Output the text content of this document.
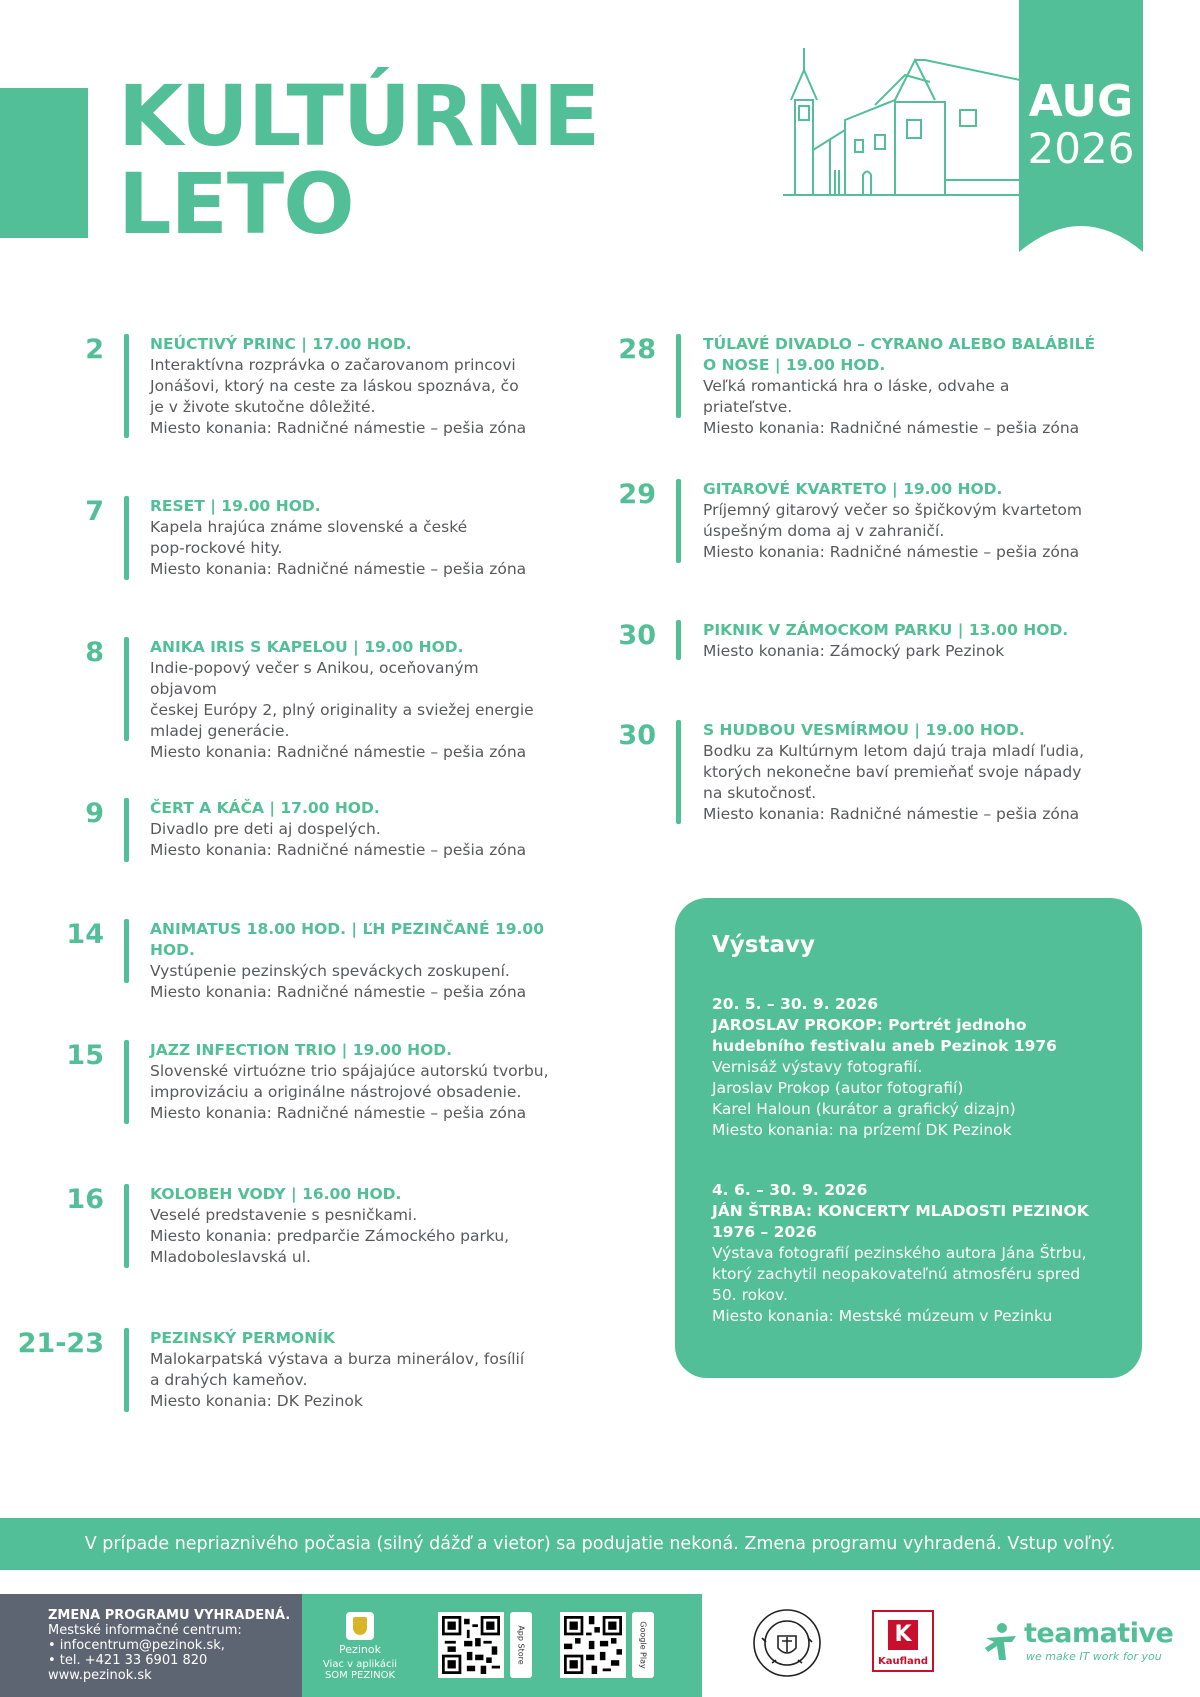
KULTÚRNE
LETO
AUG
2026
2	NEÚCTIVÝ PRINC | 17.00 HOD.
Interaktívna rozprávka o začarovanom princovi
Jonášovi, ktorý na ceste za láskou spoznáva, čo
je v živote skutočne dôležité.
Miesto konania: Radničné námestie – pešia zóna
7	RESET | 19.00 HOD.
Kapela hrajúca známe slovenské a české
pop-rockové hity.
Miesto konania: Radničné námestie – pešia zóna
8	ANIKA IRIS S KAPELOU | 19.00 HOD.
Indie-popový večer s Anikou, oceňovaným objavom
českej Európy 2, plný originality a sviežej energie
mladej generácie.
Miesto konania: Radničné námestie – pešia zóna
9	ČERT A KÁČA | 17.00 HOD.
Divadlo pre deti aj dospelých.
Miesto konania: Radničné námestie – pešia zóna
14	ANIMATUS 18.00 HOD. | ĽH PEZINČANÉ 19.00 HOD.
Vystúpenie pezinských speváckych zoskupení.
Miesto konania: Radničné námestie – pešia zóna
15	JAZZ INFECTION TRIO | 19.00 HOD.
Slovenské virtuózne trio spájajúce autorskú tvorbu,
improvizáciu a originálne nástrojové obsadenie.
Miesto konania: Radničné námestie – pešia zóna
16	KOLOBEH VODY | 16.00 HOD.
Veselé predstavenie s pesničkami.
Miesto konania: predparčie Zámockého parku,
Mladoboleslavská ul.
21-23	PEZINSKÝ PERMONÍK
Malokarpatská výstava a burza minerálov, fosílií
a drahých kameňov.
Miesto konania: DK Pezinok
28	TÚLAVÉ DIVADLO – CYRANO ALEBO BALÁBILÉ
O NOSE | 19.00 HOD.
Veľká romantická hra o láske, odvahe a priateľstve.
Miesto konania: Radničné námestie – pešia zóna
29	GITAROVÉ KVARTETO | 19.00 HOD.
Príjemný gitarový večer so špičkovým kvartetom
úspešným doma aj v zahraničí.
Miesto konania: Radničné námestie – pešia zóna
30	PIKNIK V ZÁMOCKOM PARKU | 13.00 HOD.
Miesto konania: Zámocký park Pezinok
30	S HUDBOU VESMÍRMOU | 19.00 HOD.
Bodku za Kultúrnym letom dajú traja mladí ľudia,
ktorých nekonečne baví premieňať svoje nápady
na skutočnosť.
Miesto konania: Radničné námestie – pešia zóna
Výstavy
20. 5. – 30. 9. 2026
JAROSLAV PROKOP: Portrét jednoho
hudebního festivalu aneb Pezinok 1976
Vernisáž výstavy fotografií.
Jaroslav Prokop (autor fotografií)
Karel Haloun (kurátor a grafický dizajn)
Miesto konania: na prízemí DK Pezinok
4. 6. – 30. 9. 2026
JÁN ŠTRBA: KONCERTY MLADOSTI PEZINOK
1976 – 2026
Výstava fotografií pezinského autora Jána Štrbu,
ktorý zachytil neopakovateľnú atmosféru spred
50. rokov.
Miesto konania: Mestské múzeum v Pezinku
V prípade nepriaznivého počasia (silný dážď a vietor) sa podujatie nekoná. Zmena programu vyhradená. Vstup voľný.
ZMENA PROGRAMU VYHRADENÁ.
Mestské informačné centrum:
• infocentrum@pezinok.sk,
• tel. +421 33 6901 820
www.pezinok.sk
Pezinok
Viac v aplikácii
SOM PEZINOK
App Store	Google Play	K
Kaufland
teamative
we make IT work for you
